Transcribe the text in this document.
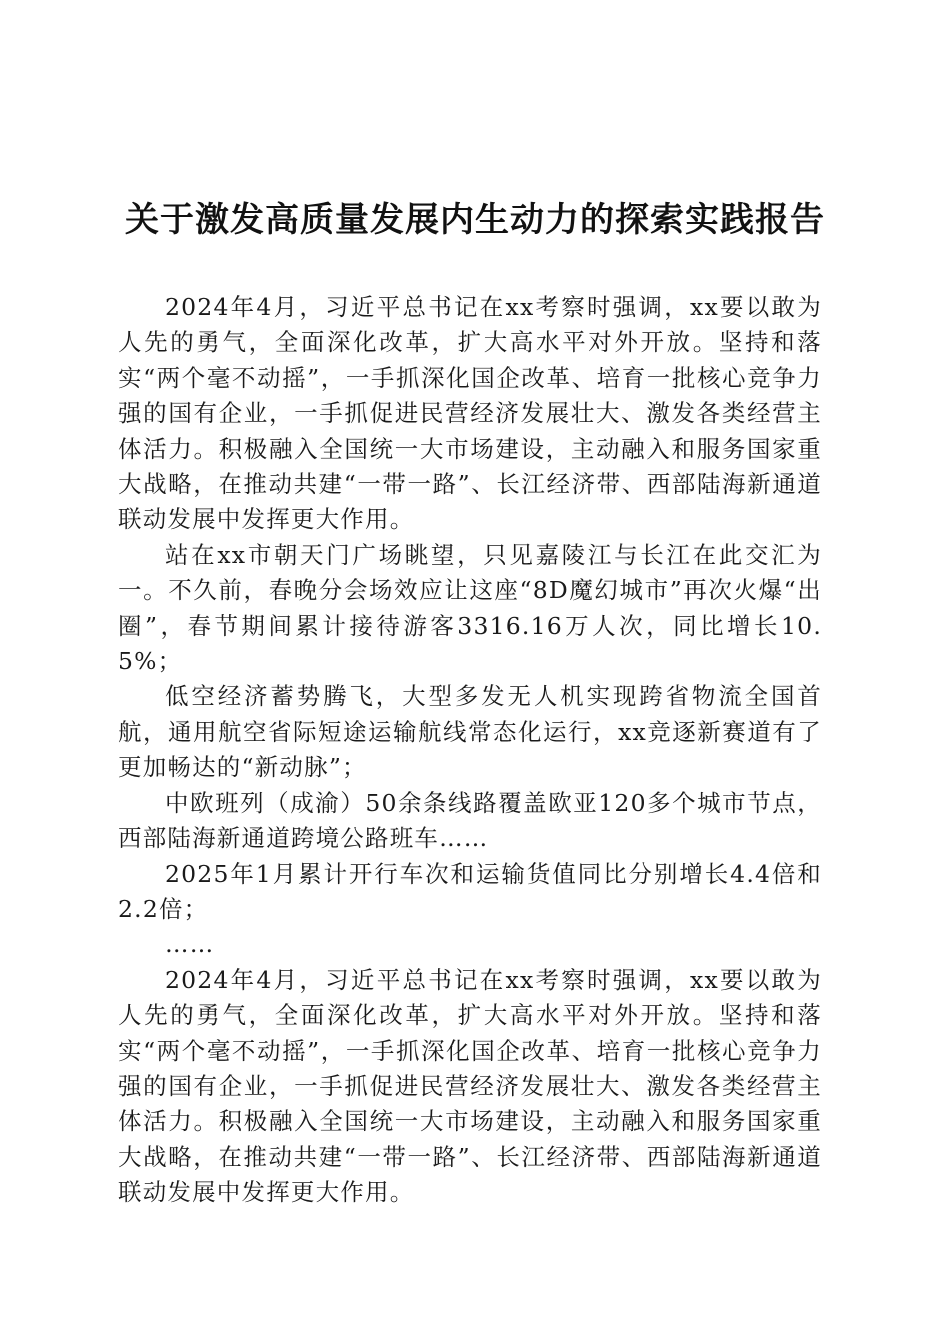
关于激发高质量发展内生动力的探索实践报告

2024年4月，习近平总书记在xx考察时强调，xx要以敢为人先的勇气，全面深化改革，扩大高水平对外开放。坚持和落实“两个毫不动摇”，一手抓深化国企改革、培育一批核心竞争力强的国有企业，一手抓促进民营经济发展壮大、激发各类经营主体活力。积极融入全国统一大市场建设，主动融入和服务国家重大战略，在推动共建“一带一路”、长江经济带、西部陆海新通道联动发展中发挥更大作用。

站在xx市朝天门广场眺望，只见嘉陵江与长江在此交汇为一。不久前，春晚分会场效应让这座“8D魔幻城市”再次火爆“出圈”，春节期间累计接待游客3316.16万人次，同比增长10.5%；

低空经济蓄势腾飞，大型多发无人机实现跨省物流全国首航，通用航空省际短途运输航线常态化运行，xx竞逐新赛道有了更加畅达的“新动脉”；

中欧班列（成渝）50余条线路覆盖欧亚120多个城市节点，西部陆海新通道跨境公路班车……

2025年1月累计开行车次和运输货值同比分别增长4.4倍和2.2倍；

……

2024年4月，习近平总书记在xx考察时强调，xx要以敢为人先的勇气，全面深化改革，扩大高水平对外开放。坚持和落实“两个毫不动摇”，一手抓深化国企改革、培育一批核心竞争力强的国有企业，一手抓促进民营经济发展壮大、激发各类经营主体活力。积极融入全国统一大市场建设，主动融入和服务国家重大战略，在推动共建“一带一路”、长江经济带、西部陆海新通道联动发展中发挥更大作用。
